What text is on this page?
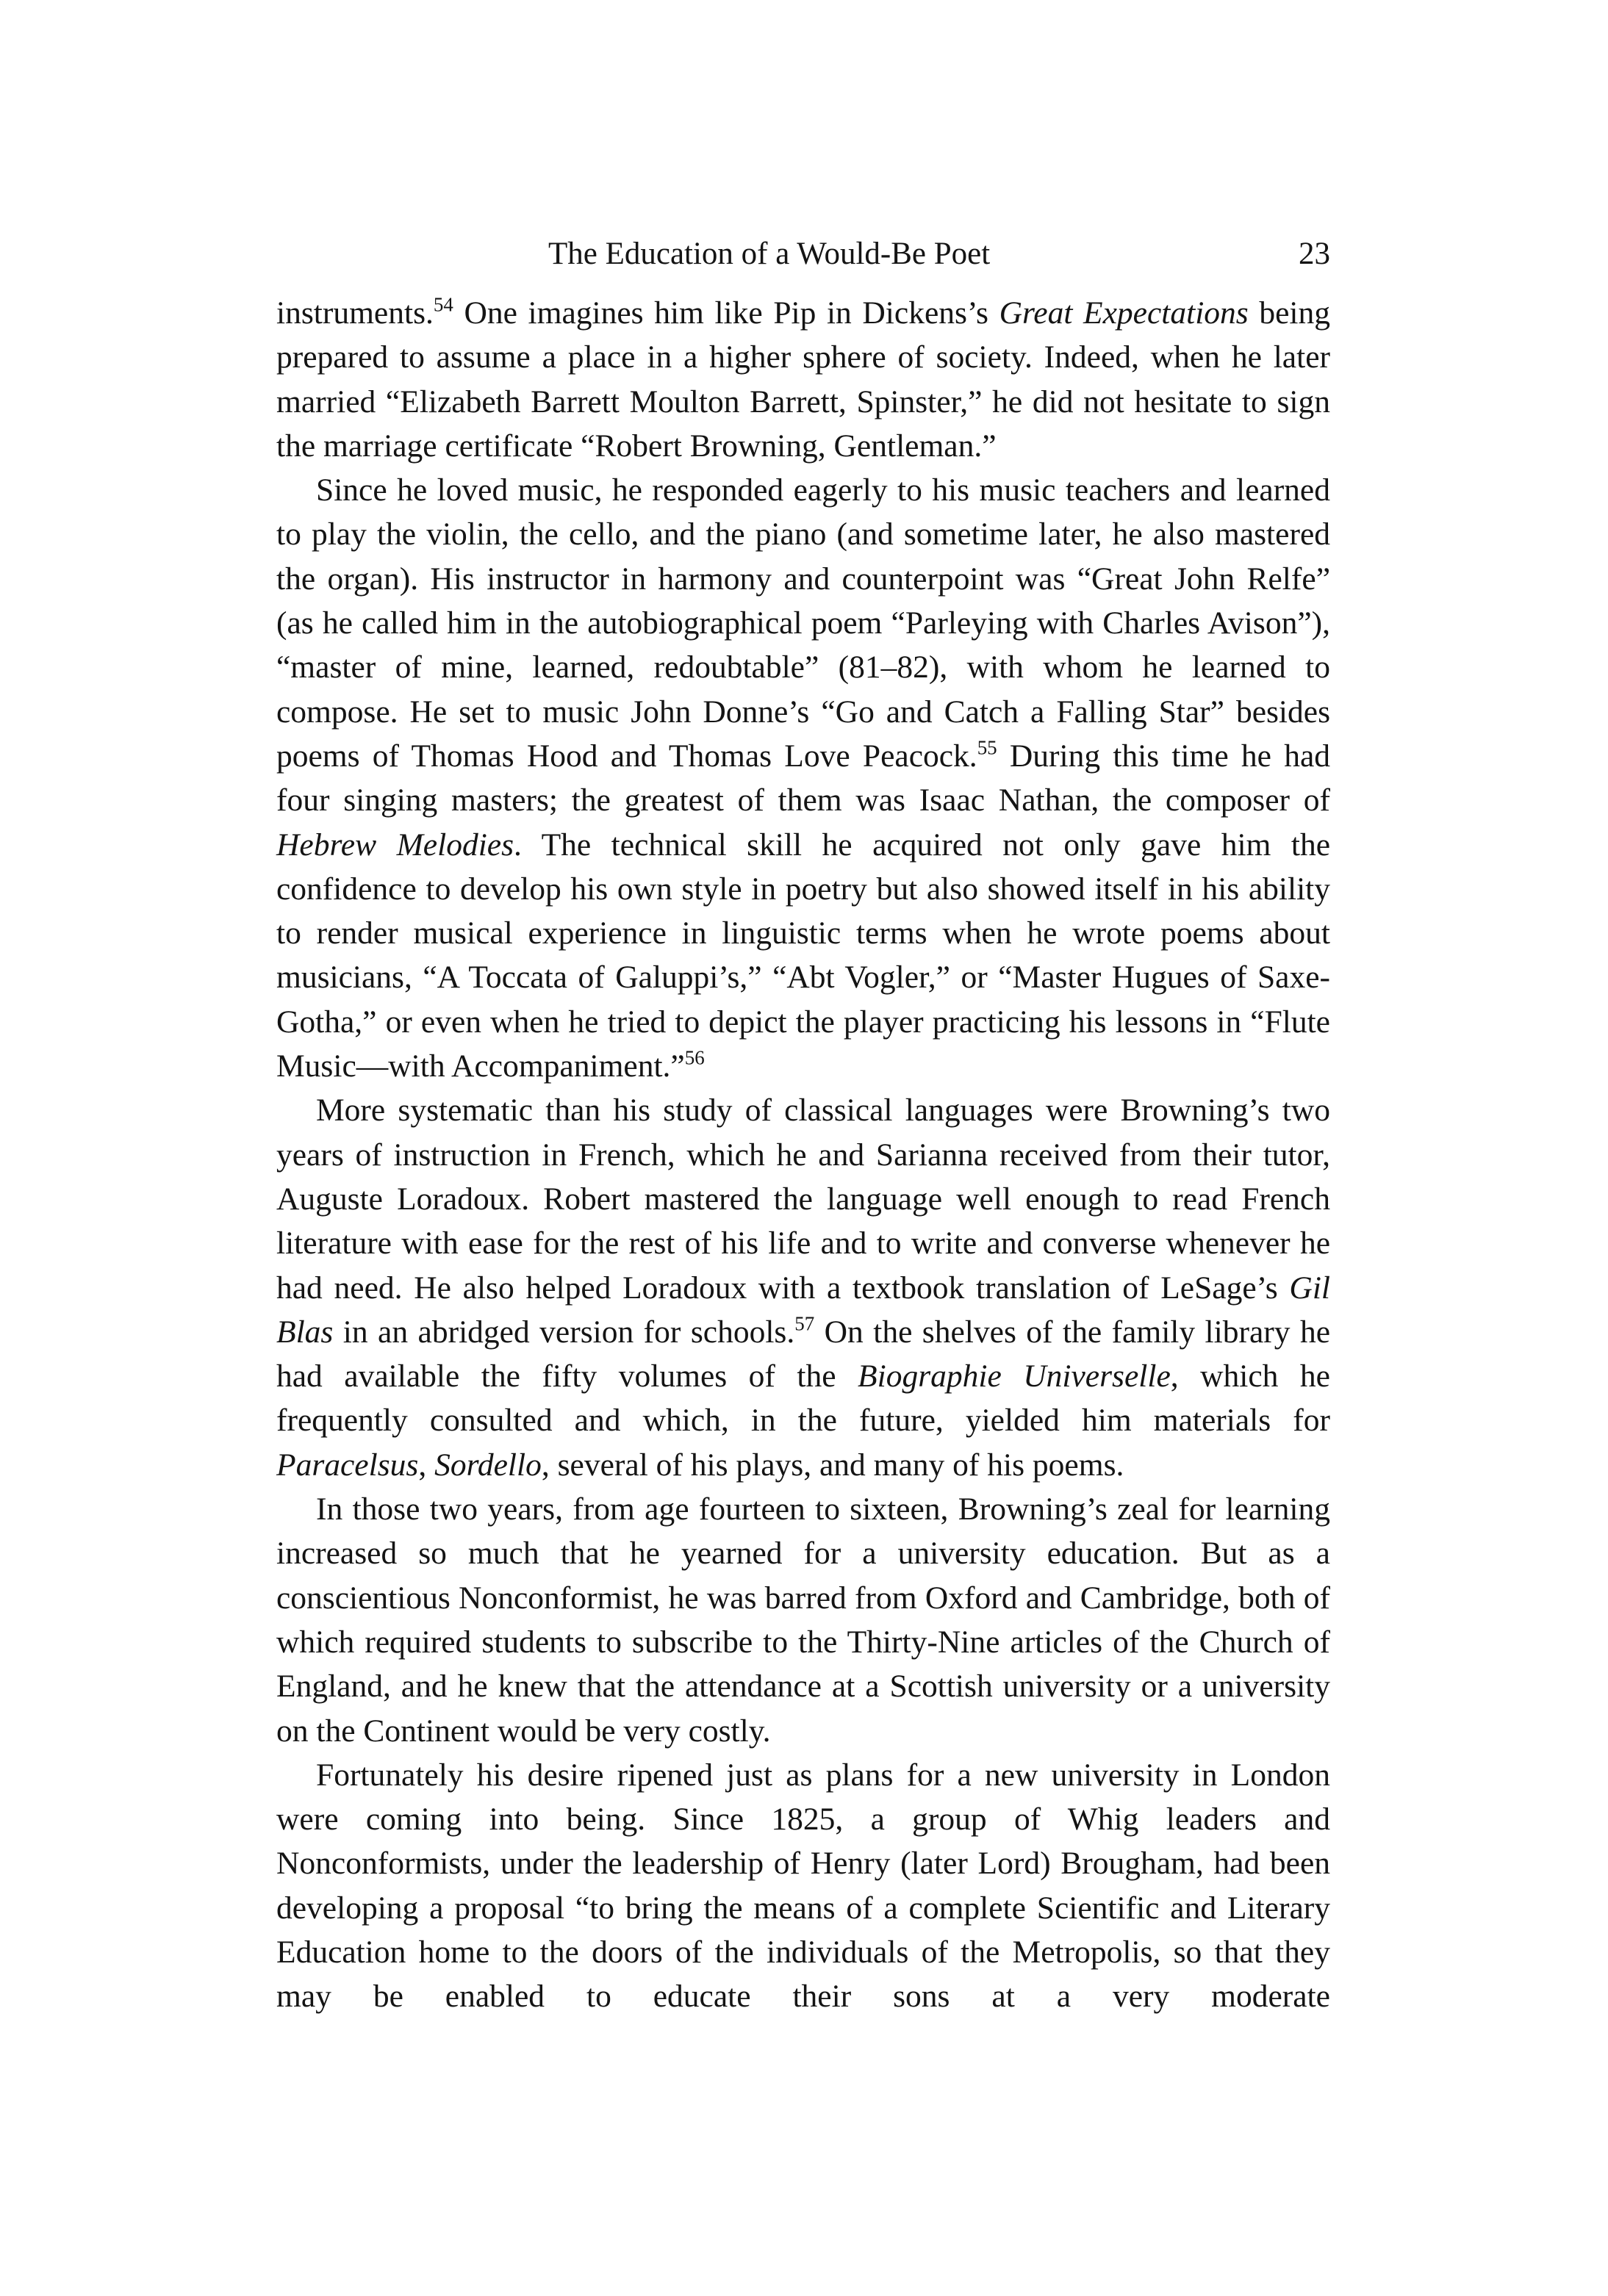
The Education of a Would-Be Poet	23

instruments.$^{54}$ One imagines him like Pip in Dickens’s Great Expectations being prepared to assume a place in a higher sphere of society. Indeed, when he later married “Elizabeth Barrett Moulton Barrett, Spinster,” he did not hesitate to sign the marriage certificate “Robert Browning, Gentleman.”

Since he loved music, he responded eagerly to his music teachers and learned to play the violin, the cello, and the piano (and sometime later, he also mastered the organ). His instructor in harmony and counterpoint was “Great John Relfe” (as he called him in the autobiographical poem “Parleying with Charles Avison”), “master of mine, learned, redoubtable” (81–82), with whom he learned to compose. He set to music John Donne’s “Go and Catch a Falling Star” besides poems of Thomas Hood and Thomas Love Peacock.$^{55}$ During this time he had four singing masters; the greatest of them was Isaac Nathan, the composer of Hebrew Melodies. The technical skill he acquired not only gave him the confidence to develop his own style in poetry but also showed itself in his ability to render musical experience in linguistic terms when he wrote poems about musicians, “A Toccata of Galuppi’s,” “Abt Vogler,” or “Master Hugues of Saxe-Gotha,” or even when he tried to depict the player practicing his lessons in “Flute Music—with Accompaniment.”$^{56}$

More systematic than his study of classical languages were Browning’s two years of instruction in French, which he and Sarianna received from their tutor, Auguste Loradoux. Robert mastered the language well enough to read French literature with ease for the rest of his life and to write and converse whenever he had need. He also helped Loradoux with a textbook translation of LeSage’s Gil Blas in an abridged version for schools.$^{57}$ On the shelves of the family library he had available the fifty volumes of the Biographie Universelle, which he frequently consulted and which, in the future, yielded him materials for Paracelsus, Sordello, several of his plays, and many of his poems.

In those two years, from age fourteen to sixteen, Browning’s zeal for learning increased so much that he yearned for a university education. But as a conscientious Nonconformist, he was barred from Oxford and Cambridge, both of which required students to subscribe to the Thirty-Nine articles of the Church of England, and he knew that the attendance at a Scottish university or a university on the Continent would be very costly.

Fortunately his desire ripened just as plans for a new university in London were coming into being. Since 1825, a group of Whig leaders and Nonconformists, under the leadership of Henry (later Lord) Brougham, had been developing a proposal “to bring the means of a complete Scientific and Literary Education home to the doors of the individuals of the Metropolis, so that they may be enabled to educate their sons at a very moderate
